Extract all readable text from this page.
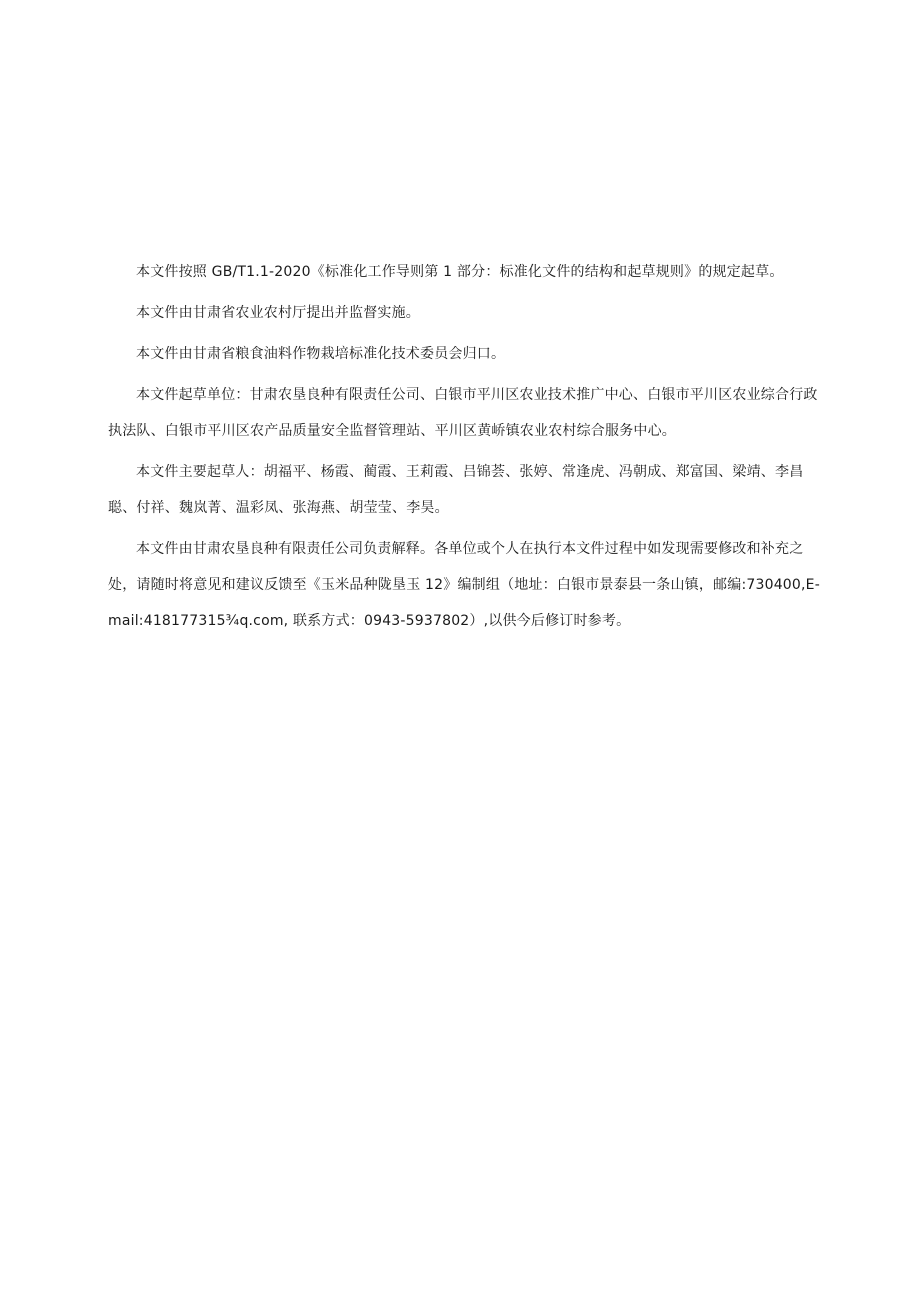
本文件按照 GB/T1.1-2020《标准化工作导则第 1 部分：标准化文件的结构和起草规则》的规定起草。

本文件由甘肃省农业农村厅提出并监督实施。

本文件由甘肃省粮食油料作物栽培标准化技术委员会归口。

本文件起草单位：甘肃农垦良种有限责任公司、白银市平川区农业技术推广中心、白银市平川区农业综合行政执法队、白银市平川区农产品质量安全监督管理站、平川区黄峤镇农业农村综合服务中心。

本文件主要起草人：胡福平、杨霞、蔺霞、王莉霞、吕锦荟、张婷、常逢虎、冯朝成、郑富国、梁靖、李昌聪、付祥、魏岚菁、温彩凤、张海燕、胡莹莹、李昊。

本文件由甘肃农垦良种有限责任公司负责解释。各单位或个人在执行本文件过程中如发现需要修改和补充之处，请随时将意见和建议反馈至《玉米品种陇垦玉 12》编制组（地址：白银市景泰县一条山镇，邮编:730400,E-mail:418177315¾q.com, 联系方式：0943-5937802）,以供今后修订时参考。
